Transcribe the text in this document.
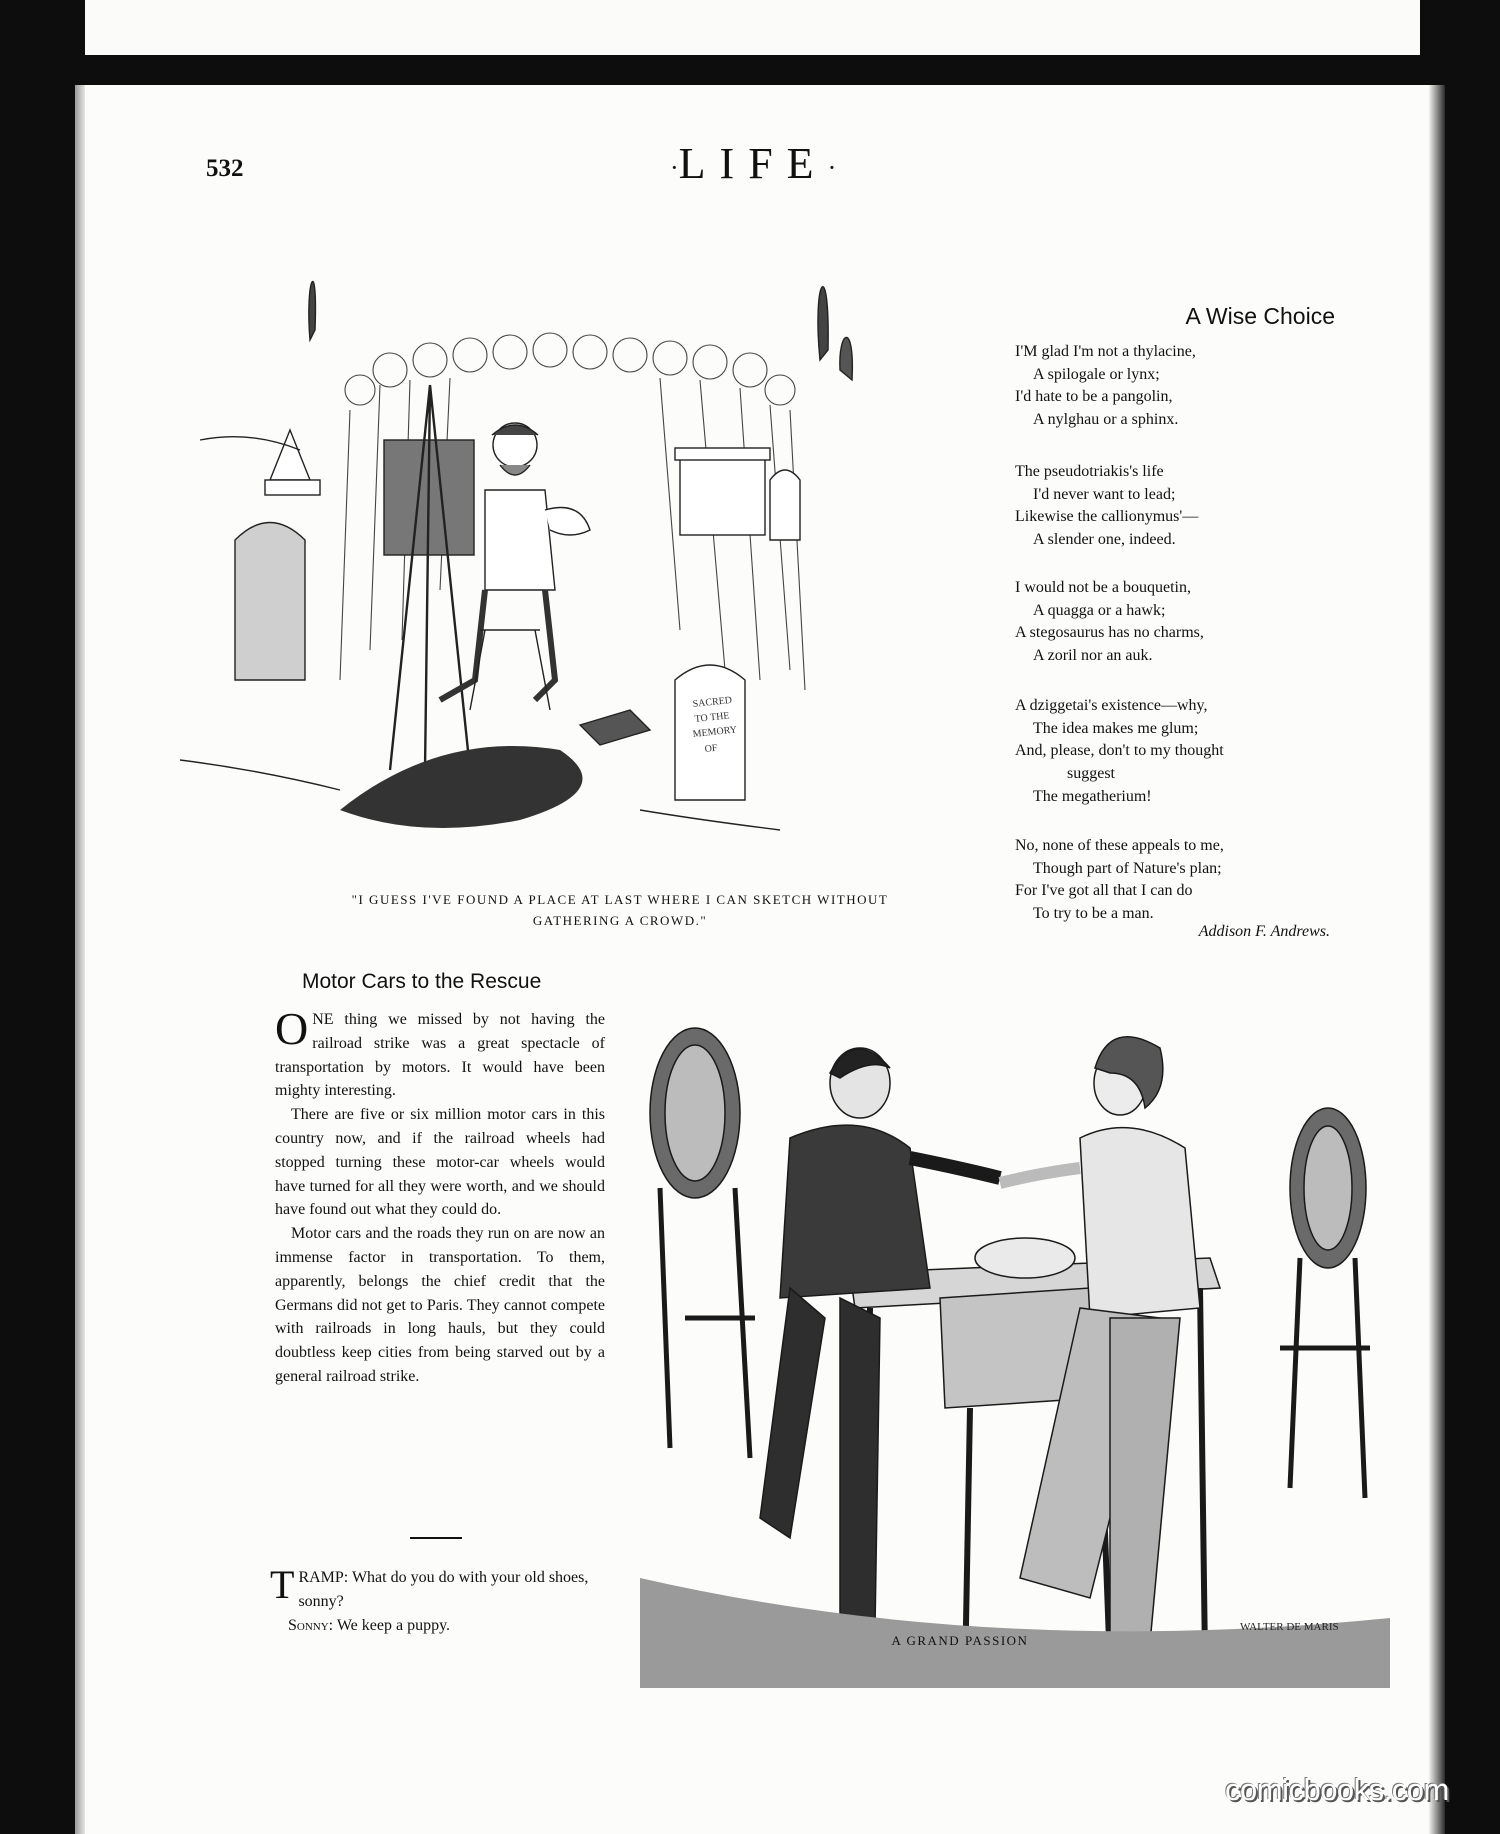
532	·LIFE·
SACRED
TO THE
MEMORY
OF
"I GUESS I'VE FOUND A PLACE AT LAST WHERE I CAN SKETCH WITHOUT
GATHERING A CROWD."
A Wise Choice
I'M glad I'm not a thylacine,
A spilogale or lynx;
I'd hate to be a pangolin,
A nylghau or a sphinx.
The pseudotriakis's life
I'd never want to lead;
Likewise the callionymus'—
A slender one, indeed.
I would not be a bouquetin,
A quagga or a hawk;
A stegosaurus has no charms,
A zoril nor an auk.
A dziggetai's existence—why,
The idea makes me glum;
And, please, don't to my thought
suggest
The megatherium!
No, none of these appeals to me,
Though part of Nature's plan;
For I've got all that I can do
To try to be a man.
Addison F. Andrews.
Motor Cars to the Rescue

ONE thing we missed by not having the railroad strike was a great spectacle of transportation by motors. It would have been mighty interesting.

There are five or six million motor cars in this country now, and if the railroad wheels had stopped turning these motor-car wheels would have turned for all they were worth, and we should have found out what they could do.

Motor cars and the roads they run on are now an immense factor in transportation. To them, apparently, belongs the chief credit that the Germans did not get to Paris. They cannot compete with railroads in long hauls, but they could doubtless keep cities from being starved out by a general railroad strike.

TRAMP: What do you do with your old shoes, sonny?
Sonny: We keep a puppy.	WALTER DE MARIS
A GRAND PASSION
comicbooks.com
